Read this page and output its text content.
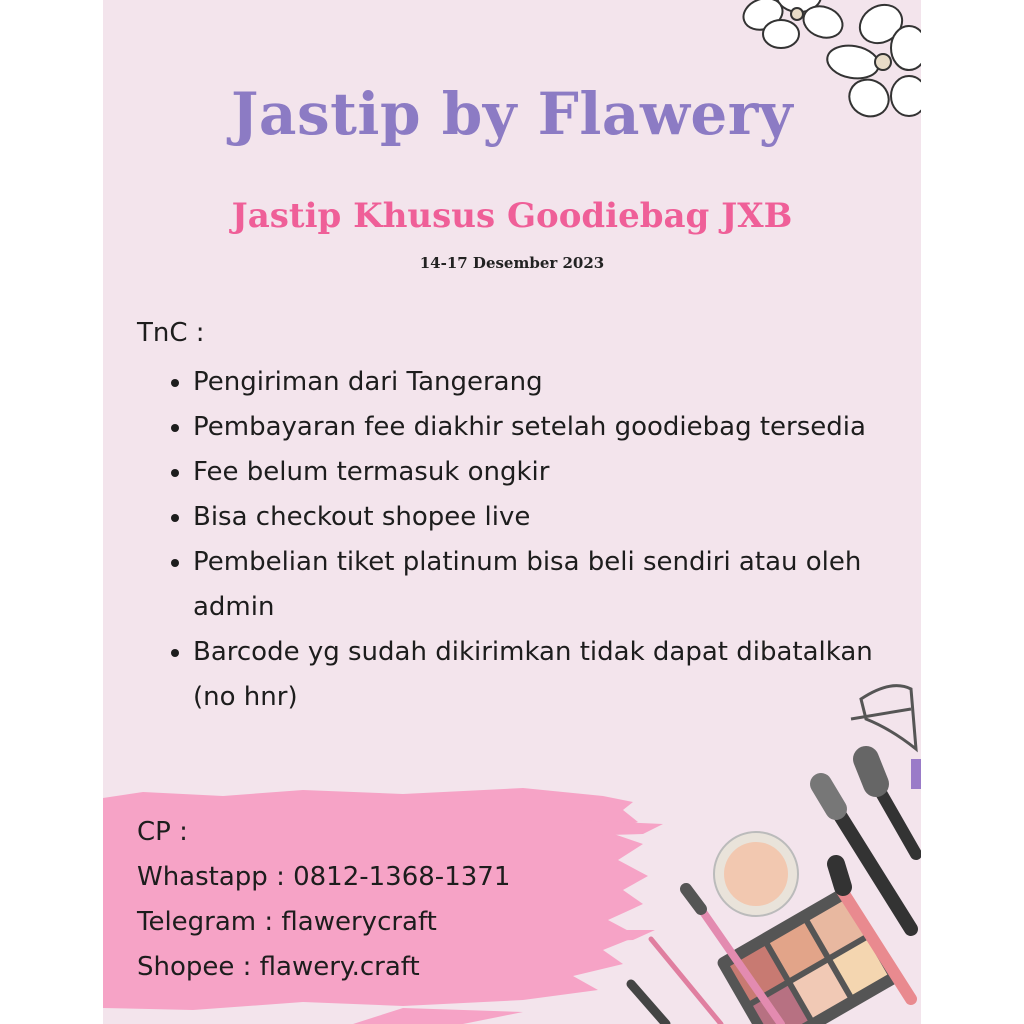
Jastip by Flawery
Jastip Khusus Goodiebag JXB
14-17 Desember 2023
TnC :
• Pengiriman dari Tangerang
• Pembayaran fee diakhir setelah goodiebag tersedia
• Fee belum termasuk ongkir
• Bisa checkout shopee live
• Pembelian tiket platinum bisa beli sendiri atau oleh admin
• Barcode yg sudah dikirimkan tidak dapat dibatalkan (no hnr)
CP :
Whastapp : 0812-1368-1371
Telegram : flawerycraft
Shopee : flawery.craft
